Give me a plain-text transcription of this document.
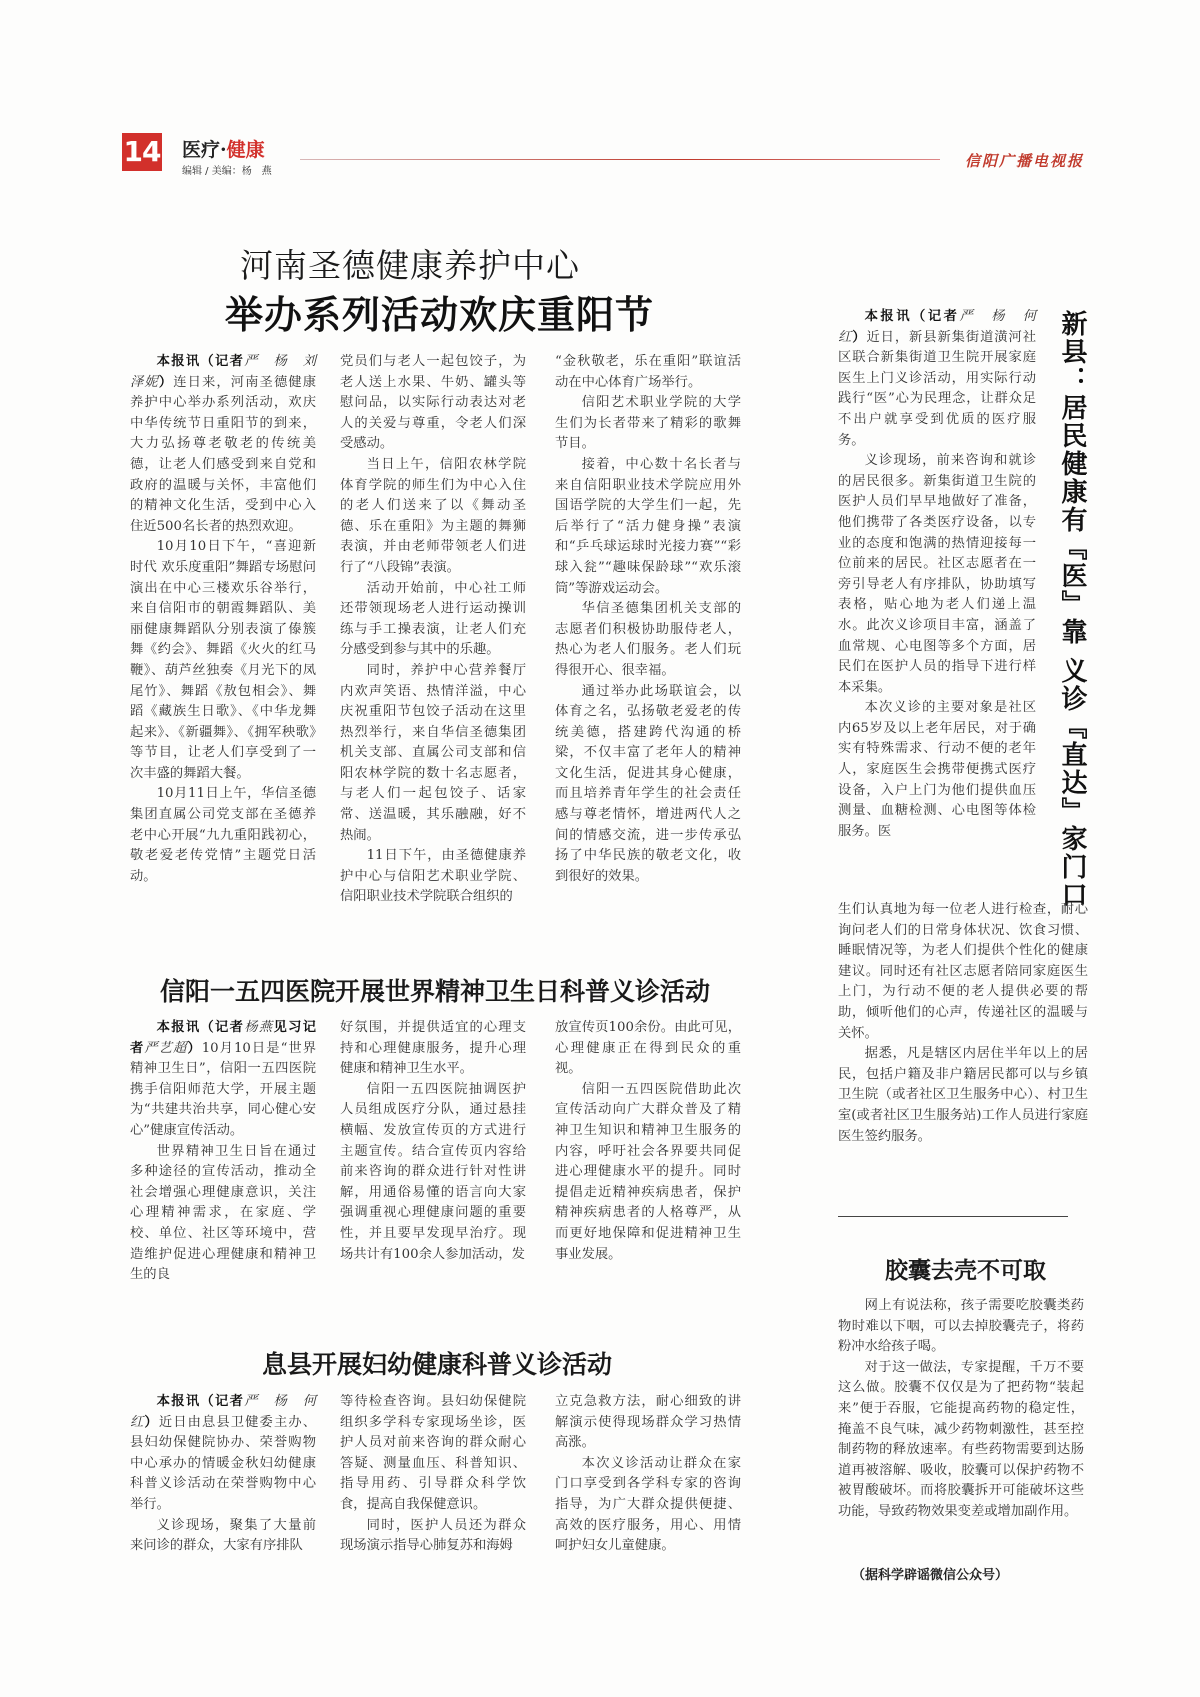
14 医疗·健康
编辑 / 美编：杨　燕
信阳广播电视报
河南圣德健康养护中心
举办系列活动欢庆重阳节

本报讯（记者严　杨　刘泽妮）连日来，河南圣德健康养护中心举办系列活动，欢庆中华传统节日重阳节的到来，大力弘扬尊老敬老的传统美德，让老人们感受到来自党和政府的温暖与关怀，丰富他们的精神文化生活，受到中心入住近500名长者的热烈欢迎。

10月10日下午，“喜迎新时代 欢乐度重阳”舞蹈专场慰问演出在中心三楼欢乐谷举行，来自信阳市的朝霞舞蹈队、美丽健康舞蹈队分别表演了傣簇舞《约会》、舞蹈《火火的红马鞭》、葫芦丝独奏《月光下的凤尾竹》、舞蹈《敖包相会》、舞蹈《藏族生日歌》、《中华龙舞起来》、《新疆舞》、《拥军秧歌》等节目，让老人们享受到了一次丰盛的舞蹈大餐。

10月11日上午，华信圣德集团直属公司党支部在圣德养老中心开展“九九重阳践初心，敬老爱老传党情”主题党日活动。

党员们与老人一起包饺子，为老人送上水果、牛奶、罐头等慰问品，以实际行动表达对老人的关爱与尊重，令老人们深受感动。

当日上午，信阳农林学院体育学院的师生们为中心入住的老人们送来了以《舞动圣德、乐在重阳》为主题的舞狮表演，并由老师带领老人们进行了“八段锦”表演。

活动开始前，中心社工师还带领现场老人进行运动操训练与手工操表演，让老人们充分感受到参与其中的乐趣。

同时，养护中心营养餐厅内欢声笑语、热情洋溢，中心庆祝重阳节包饺子活动在这里热烈举行，来自华信圣德集团机关支部、直属公司支部和信阳农林学院的数十名志愿者，与老人们一起包饺子、话家常、送温暖，其乐融融，好不热闹。

11日下午，由圣德健康养护中心与信阳艺术职业学院、信阳职业技术学院联合组织的

“金秋敬老，乐在重阳”联谊活动在中心体育广场举行。

信阳艺术职业学院的大学生们为长者带来了精彩的歌舞节目。

接着，中心数十名长者与来自信阳职业技术学院应用外国语学院的大学生们一起，先后举行了“活力健身操”表演和“乒乓球运球时光接力赛”“彩球入瓮”“趣味保龄球”“欢乐滚筒”等游戏运动会。

华信圣德集团机关支部的志愿者们积极协助服侍老人，热心为老人们服务。老人们玩得很开心、很幸福。

通过举办此场联谊会，以体育之名，弘扬敬老爱老的传统美德，搭建跨代沟通的桥梁，不仅丰富了老年人的精神文化生活，促进其身心健康，而且培养青年学生的社会责任感与尊老情怀，增进两代人之间的情感交流，进一步传承弘扬了中华民族的敬老文化，收到很好的效果。

信阳一五四医院开展世界精神卫生日科普义诊活动

本报讯（记者杨燕见习记者严艺超）10月10日是“世界精神卫生日”，信阳一五四医院携手信阳师范大学，开展主题为“共建共治共享，同心健心安心”健康宣传活动。

世界精神卫生日旨在通过多种途径的宣传活动，推动全社会增强心理健康意识，关注心理精神需求，在家庭、学校、单位、社区等环境中，营造维护促进心理健康和精神卫生的良

好氛围，并提供适宜的心理支持和心理健康服务，提升心理健康和精神卫生水平。

信阳一五四医院抽调医护人员组成医疗分队，通过悬挂横幅、发放宣传页的方式进行主题宣传。结合宣传页内容给前来咨询的群众进行针对性讲解，用通俗易懂的语言向大家强调重视心理健康问题的重要性，并且要早发现早治疗。现场共计有100余人参加活动，发

放宣传页100余份。由此可见，心理健康正在得到民众的重视。

信阳一五四医院借助此次宣传活动向广大群众普及了精神卫生知识和精神卫生服务的内容，呼吁社会各界要共同促进心理健康水平的提升。同时提倡走近精神疾病患者，保护精神疾病患者的人格尊严，从而更好地保障和促进精神卫生事业发展。

息县开展妇幼健康科普义诊活动

本报讯（记者严　杨　何红）近日由息县卫健委主办、县妇幼保健院协办、荣誉购物中心承办的情暖金秋妇幼健康科普义诊活动在荣誉购物中心举行。

义诊现场，聚集了大量前来问诊的群众，大家有序排队

等待检查咨询。县妇幼保健院组织多学科专家现场坐诊，医护人员对前来咨询的群众耐心答疑、测量血压、科普知识、指导用药、引导群众科学饮食，提高自我保健意识。

同时，医护人员还为群众现场演示指导心肺复苏和海姆

立克急救方法，耐心细致的讲解演示使得现场群众学习热情高涨。

本次义诊活动让群众在家门口享受到各学科专家的咨询指导，为广大群众提供便捷、高效的医疗服务，用心、用情呵护妇女儿童健康。

新县：居民健康有『医』靠 义诊『直达』家门口

本报讯（记者严　杨　何红）近日，新县新集街道潢河社区联合新集街道卫生院开展家庭医生上门义诊活动，用实际行动践行“医”心为民理念，让群众足不出户就享受到优质的医疗服务。

义诊现场，前来咨询和就诊的居民很多。新集街道卫生院的医护人员们早早地做好了准备，他们携带了各类医疗设备，以专业的态度和饱满的热情迎接每一位前来的居民。社区志愿者在一旁引导老人有序排队，协助填写表格，贴心地为老人们递上温水。此次义诊项目丰富，涵盖了血常规、心电图等多个方面，居民们在医护人员的指导下进行样本采集。

本次义诊的主要对象是社区内65岁及以上老年居民，对于确实有特殊需求、行动不便的老年人，家庭医生会携带便携式医疗设备，入户上门为他们提供血压测量、血糖检测、心电图等体检服务。医

生们认真地为每一位老人进行检查，耐心询问老人们的日常身体状况、饮食习惯、睡眠情况等，为老人们提供个性化的健康建议。同时还有社区志愿者陪同家庭医生上门，为行动不便的老人提供必要的帮助，倾听他们的心声，传递社区的温暖与关怀。

据悉，凡是辖区内居住半年以上的居民，包括户籍及非户籍居民都可以与乡镇卫生院（或者社区卫生服务中心）、村卫生室(或者社区卫生服务站)工作人员进行家庭医生签约服务。

胶囊去壳不可取

网上有说法称，孩子需要吃胶囊类药物时难以下咽，可以去掉胶囊壳子，将药粉冲水给孩子喝。

对于这一做法，专家提醒，千万不要这么做。胶囊不仅仅是为了把药物“装起来”便于吞服，它能提高药物的稳定性，掩盖不良气味，减少药物刺激性，甚至控制药物的释放速率。有些药物需要到达肠道再被溶解、吸收，胶囊可以保护药物不被胃酸破坏。而将胶囊拆开可能破坏这些功能，导致药物效果变差或增加副作用。

（据科学辟谣微信公众号）
